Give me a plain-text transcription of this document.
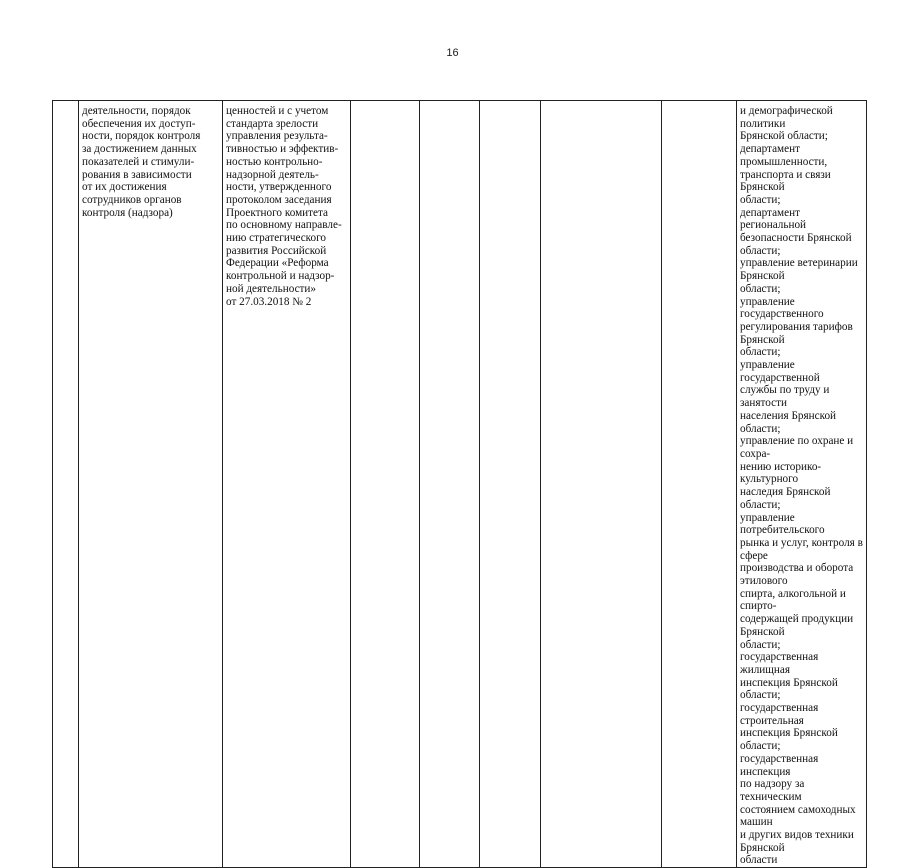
16
	деятельности, порядок
обеспечения их доступ-
ности, порядок контроля
за достижением данных
показателей и стимули-
рования в зависимости
от их достижения
сотрудников органов
контроля (надзора)	ценностей и с учетом
стандарта зрелости
управления результа-
тивностью и эффектив-
ностью контрольно-
надзорной деятель-
ности, утвержденного
протоколом заседания
Проектного комитета
по основному направле-
нию стратегического
развития Российской
Федерации «Реформа
контрольной и надзор-
ной деятельности»
от 27.03.2018 № 2						и демографической политики
Брянской области;
департамент промышленности,
транспорта и связи Брянской
области;
департамент региональной
безопасности Брянской области;
управление ветеринарии Брянской
области;
управление государственного
регулирования тарифов Брянской
области;
управление государственной
службы по труду и занятости
населения Брянской области;
управление по охране и сохра-
нению историко-культурного
наследия Брянской области;
управление потребительского
рынка и услуг, контроля в сфере
производства и оборота этилового
спирта, алкогольной и спирто-
содержащей продукции Брянской
области;
государственная жилищная
инспекция Брянской области;
государственная строительная
инспекция Брянской области;
государственная инспекция
по надзору за техническим
состоянием самоходных машин
и других видов техники Брянской
области
